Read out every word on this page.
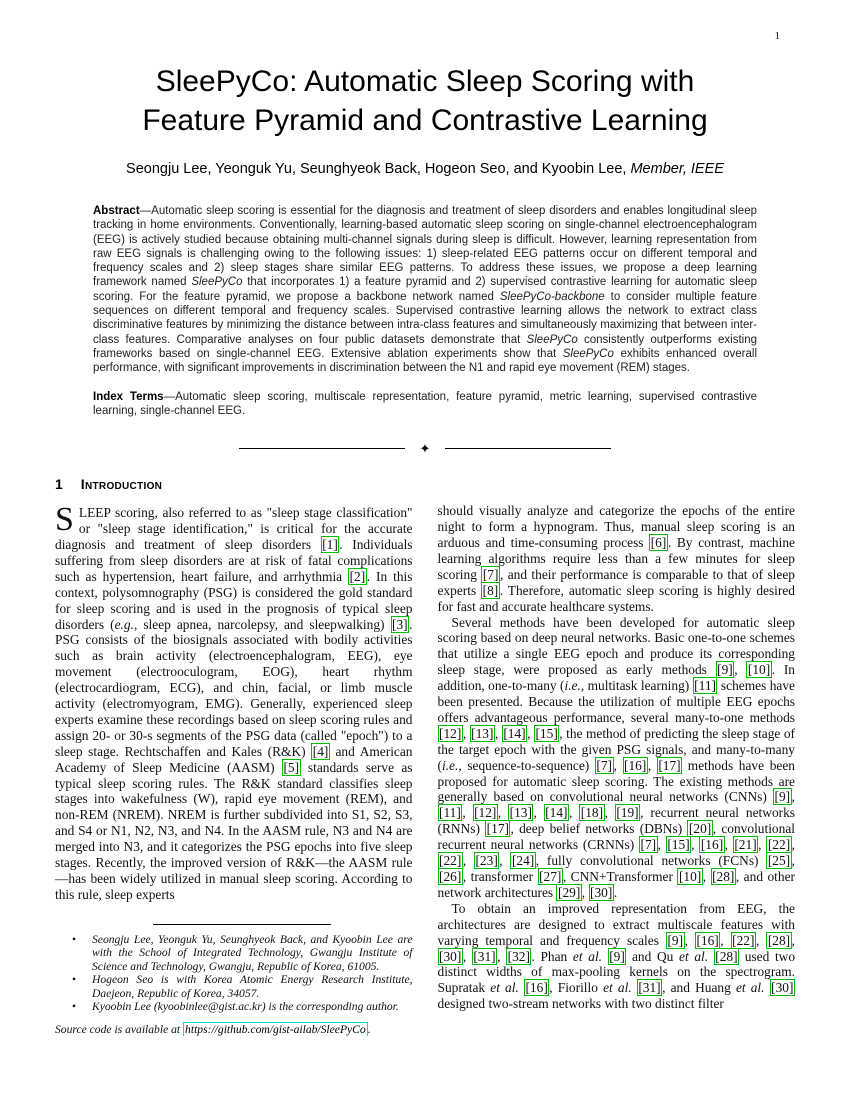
1
SleePyCo: Automatic Sleep Scoring with Feature Pyramid and Contrastive Learning
Seongju Lee, Yeonguk Yu, Seunghyeok Back, Hogeon Seo, and Kyoobin Lee, Member, IEEE

Abstract—Automatic sleep scoring is essential for the diagnosis and treatment of sleep disorders and enables longitudinal sleep tracking in home environments. Conventionally, learning-based automatic sleep scoring on single-channel electroencephalogram (EEG) is actively studied because obtaining multi-channel signals during sleep is difficult. However, learning representation from raw EEG signals is challenging owing to the following issues: 1) sleep-related EEG patterns occur on different temporal and frequency scales and 2) sleep stages share similar EEG patterns. To address these issues, we propose a deep learning framework named SleePyCo that incorporates 1) a feature pyramid and 2) supervised contrastive learning for automatic sleep scoring. For the feature pyramid, we propose a backbone network named SleePyCo-backbone to consider multiple feature sequences on different temporal and frequency scales. Supervised contrastive learning allows the network to extract class discriminative features by minimizing the distance between intra-class features and simultaneously maximizing that between inter-class features. Comparative analyses on four public datasets demonstrate that SleePyCo consistently outperforms existing frameworks based on single-channel EEG. Extensive ablation experiments show that SleePyCo exhibits enhanced overall performance, with significant improvements in discrimination between the N1 and rapid eye movement (REM) stages.

Index Terms—Automatic sleep scoring, multiscale representation, feature pyramid, metric learning, supervised contrastive learning, single-channel EEG.

✦
1 Introduction

SLEEP scoring, also referred to as "sleep stage classification" or "sleep stage identification," is critical for the accurate diagnosis and treatment of sleep disorders [1] . Individuals suffering from sleep disorders are at risk of fatal complications such as hypertension, heart failure, and arrhythmia [2] . In this context, polysomnography (PSG) is considered the gold standard for sleep scoring and is used in the prognosis of typical sleep disorders (e.g., sleep apnea, narcolepsy, and sleepwalking) [3] . PSG consists of the biosignals associated with bodily activities such as brain activity (electroencephalogram, EEG), eye movement (electrooculogram, EOG), heart rhythm (electrocardiogram, ECG), and chin, facial, or limb muscle activity (electromyogram, EMG). Generally, experienced sleep experts examine these recordings based on sleep scoring rules and assign 20- or 30-s segments of the PSG data (called "epoch") to a sleep stage. Rechtschaffen and Kales (R&K) [4] and American Academy of Sleep Medicine (AASM) [5] standards serve as typical sleep scoring rules. The R&K standard classifies sleep stages into wakefulness (W), rapid eye movement (REM), and non-REM (NREM). NREM is further subdivided into S1, S2, S3, and S4 or N1, N2, N3, and N4. In the AASM rule, N3 and N4 are merged into N3, and it categorizes the PSG epochs into five sleep stages. Recently, the improved version of R&K—the AASM rule—has been widely utilized in manual sleep scoring. According to this rule, sleep experts

• Seongju Lee, Yeonguk Yu, Seunghyeok Back, and Kyoobin Lee are with the School of Integrated Technology, Gwangju Institute of Science and Technology, Gwangju, Republic of Korea, 61005.
• Hogeon Seo is with Korea Atomic Energy Research Institute, Daejeon, Republic of Korea, 34057.
• Kyoobin Lee (kyoobinlee@gist.ac.kr) is the corresponding author.

Source code is available at https://github.com/gist-ailab/SleePyCo .

should visually analyze and categorize the epochs of the entire night to form a hypnogram. Thus, manual sleep scoring is an arduous and time-consuming process [6] . By contrast, machine learning algorithms require less than a few minutes for sleep scoring [7] , and their performance is comparable to that of sleep experts [8] . Therefore, automatic sleep scoring is highly desired for fast and accurate healthcare systems.

Several methods have been developed for automatic sleep scoring based on deep neural networks. Basic one-to-one schemes that utilize a single EEG epoch and produce its corresponding sleep stage, were proposed as early methods [9] , [10] . In addition, one-to-many (i.e., multitask learning) [11] schemes have been presented. Because the utilization of multiple EEG epochs offers advantageous performance, several many-to-one methods [12] , [13] , [14] , [15] , the method of predicting the sleep stage of the target epoch with the given PSG signals, and many-to-many (i.e., sequence-to-sequence) [7] , [16] , [17] methods have been proposed for automatic sleep scoring. The existing methods are generally based on convolutional neural networks (CNNs) [9] , [11] , [12] , [13] , [14] , [18] , [19] , recurrent neural networks (RNNs) [17] , deep belief networks (DBNs) [20] , convolutional recurrent neural networks (CRNNs) [7] , [15] , [16] , [21] , [22] , [22] , [23] , [24] , fully convolutional networks (FCNs) [25] , [26] , transformer [27] , CNN+Transformer [10] , [28] , and other network architectures [29] , [30] .

To obtain an improved representation from EEG, the architectures are designed to extract multiscale features with varying temporal and frequency scales [9] , [16] , [22] , [28] , [30] , [31] , [32] . Phan et al. [9] and Qu et al. [28] used two distinct widths of max-pooling kernels on the spectrogram. Supratak et al. [16] , Fiorillo et al. [31] , and Huang et al. [30] designed two-stream networks with two distinct filter
